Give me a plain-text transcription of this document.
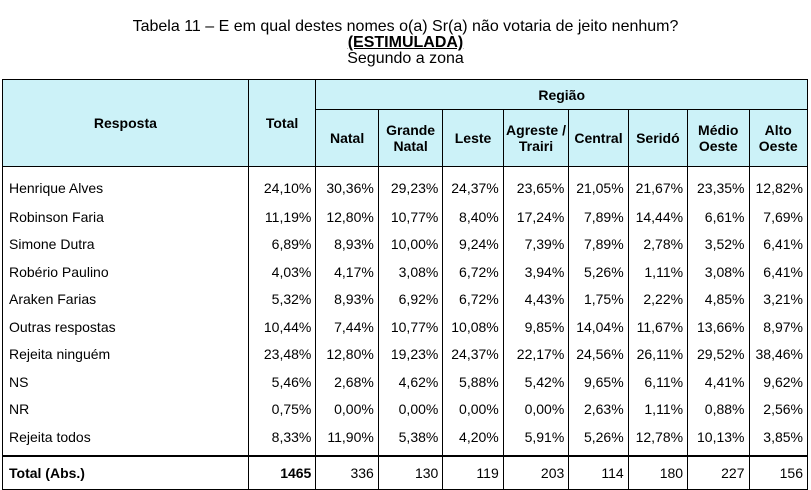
Tabela 11 – E em qual destes nomes o(a) Sr(a) não votaria de jeito nenhum?
(ESTIMULADA)
Segundo a zona
Resposta	Total	Região							
		Natal	Grande Natal	Leste	Agreste / Trairi	Central	Seridó	Médio Oeste	Alto Oeste
Henrique Alves	24,10%	30,36%	29,23%	24,37%	23,65%	21,05%	21,67%	23,35%	12,82%
Robinson Faria	11,19%	12,80%	10,77%	8,40%	17,24%	7,89%	14,44%	6,61%	7,69%
Simone Dutra	6,89%	8,93%	10,00%	9,24%	7,39%	7,89%	2,78%	3,52%	6,41%
Robério Paulino	4,03%	4,17%	3,08%	6,72%	3,94%	5,26%	1,11%	3,08%	6,41%
Araken Farias	5,32%	8,93%	6,92%	6,72%	4,43%	1,75%	2,22%	4,85%	3,21%
Outras respostas	10,44%	7,44%	10,77%	10,08%	9,85%	14,04%	11,67%	13,66%	8,97%
Rejeita ninguém	23,48%	12,80%	19,23%	24,37%	22,17%	24,56%	26,11%	29,52%	38,46%
NS	5,46%	2,68%	4,62%	5,88%	5,42%	9,65%	6,11%	4,41%	9,62%
NR	0,75%	0,00%	0,00%	0,00%	0,00%	2,63%	1,11%	0,88%	2,56%
Rejeita todos	8,33%	11,90%	5,38%	4,20%	5,91%	5,26%	12,78%	10,13%	3,85%
Total (Abs.)	1465	336	130	119	203	114	180	227	156
